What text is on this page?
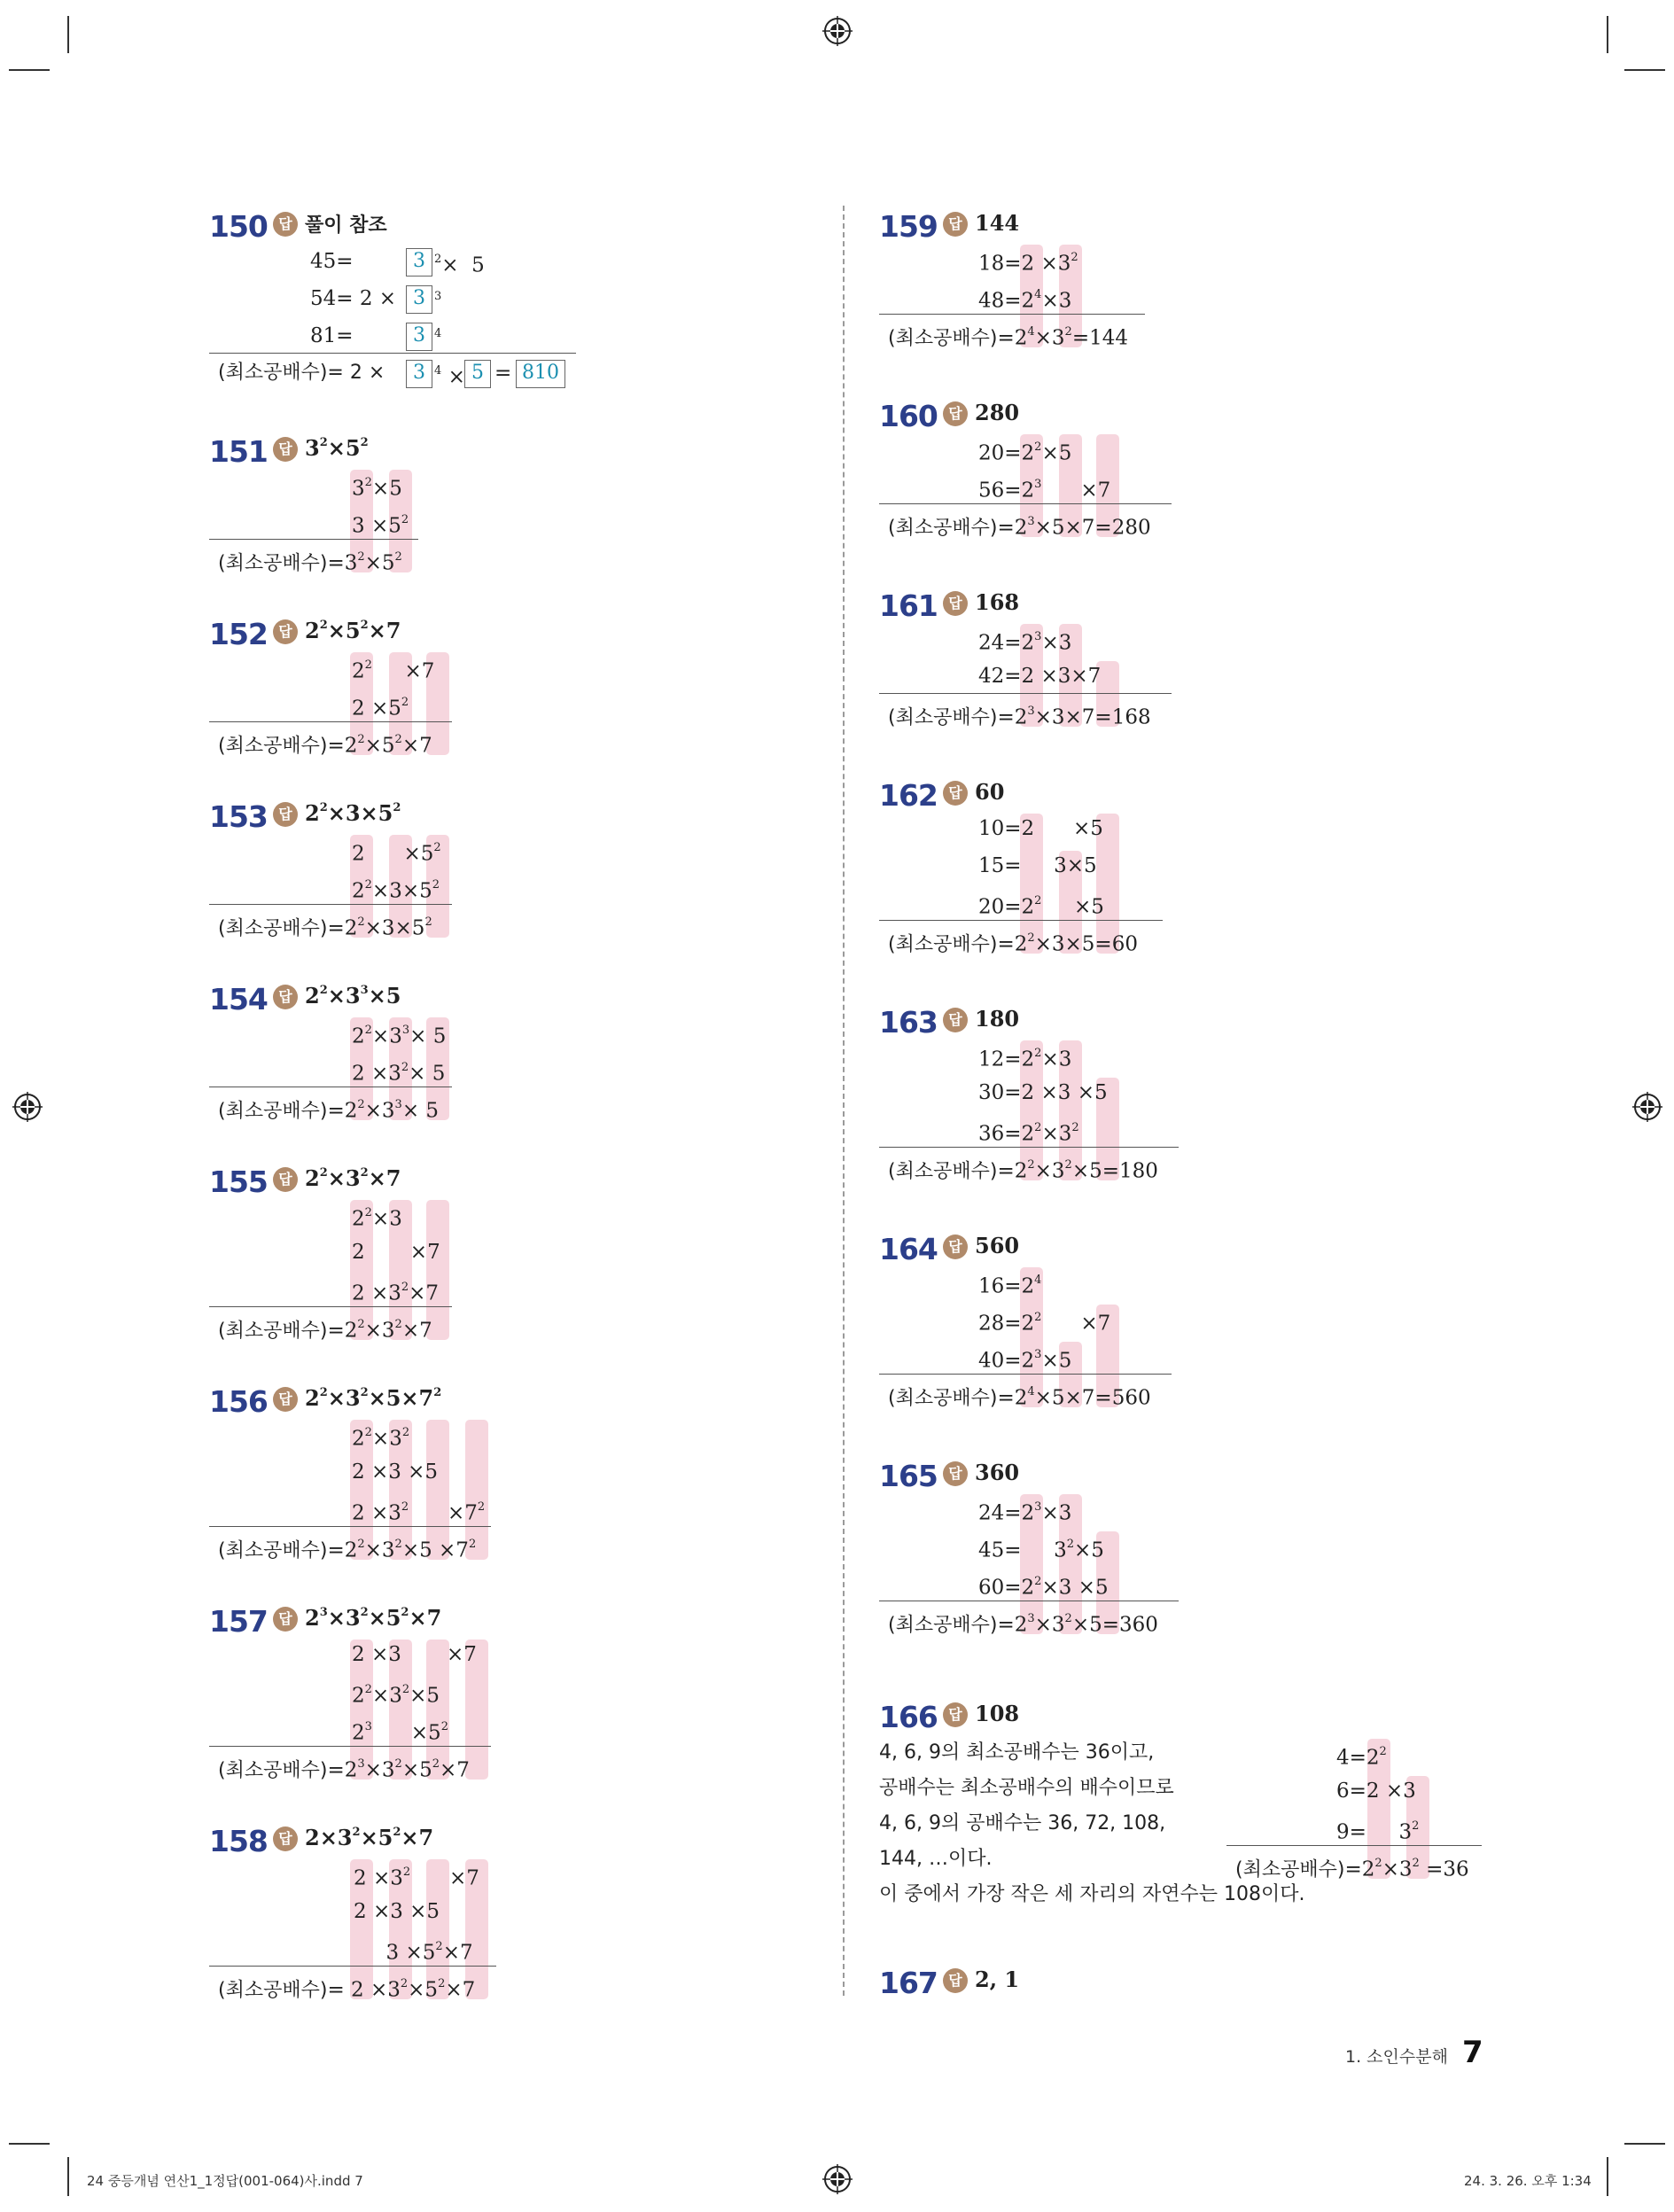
150 답 풀이 참조
45=	3 $^2$×  5
54= 2 × 3 $^3$
81=	3 $^4$
(최소공배수)= 2 ×	3 $^4$ × 5 = 810
151 답 $3^2\times 5^2$
$3^2\times 5$
$3 \times 5^2$
(최소공배수)$=3^2\times 5^2$
152 답 $2^2\times 5^2\times 7$
$2^2$     ×7
$2 \times 5^2$
(최소공배수)$=2^2\times 5^2\times 7$
153 답 $2^2\times 3\times 5^2$
2      $\times 5^2$
$2^2\times 3\times 5^2$
(최소공배수)$=2^2\times 3\times 5^2$
154 답 $2^2\times 3^3\times 5$
$2^2\times 3^3\times 5$
$2 \times 3^2\times 5$
(최소공배수)$=2^2\times 3^3\times 5$
155 답 $2^2\times 3^2\times 7$
$2^2\times 3$
2       ×7
$2 \times 3^2\times 7$
(최소공배수)$=2^2\times 3^2\times 7$
156 답 $2^2\times 3^2\times 5\times 7^2$
$2^2\times 3^2$
2 ×3 ×5
$2 \times 3^2$      $\times 7^2$
(최소공배수)$=2^2\times 3^2\times 5 \times 7^2$
157 답 $2^3\times 3^2\times 5^2\times 7$
2 ×3       ×7
$2^2\times 3^2\times 5$
$2^3$      $\times 5^2$
(최소공배수)$=2^3\times 3^2\times 5^2\times 7$
158 답 $2\times 3^2\times 5^2\times 7$
$2 \times 3^2$      ×7
2 ×3 ×5
$3 \times 5^2\times 7$
(최소공배수)= $2 \times 3^2\times 5^2\times 7$
159 답 144
$18=2 \times 3^2$
$48=2^4\times 3$
(최소공배수)$=2^4\times 3^2=144$
160 답 280
$20=2^2\times 5$
$56=2^3$      ×7
(최소공배수)$=2^3\times 5\times 7=280$
161 답 168
$24=2^3\times 3$
42=2 ×3×7
(최소공배수)$=2^3\times 3\times 7=168$
162 답 60
10=2      ×5
15=     3×5
$20=2^2$     ×5
(최소공배수)$=2^2\times 3\times 5=60$
163 답 180
$12=2^2\times 3$
30=2 ×3 ×5
$36=2^2\times 3^2$
(최소공배수)$=2^2\times 3^2\times 5=180$
164 답 560
$16=2^4$
$28=2^2$      ×7
$40=2^3\times 5$
(최소공배수)$=2^4\times 5\times 7=560$
165 답 360
$24=2^3\times 3$
45=     $3^2\times 5$
$60=2^2\times 3 \times 5$
(최소공배수)$=2^3\times 3^2\times 5=360$
166 답 108
4, 6, 9의 최소공배수는 36이고,
공배수는 최소공배수의 배수이므로
4, 6, 9의 공배수는 36, 72, 108,
144, …이다.
이 중에서 가장 작은 세 자리의 자연수는 108이다.
$4=2^2$
6=2 ×3
9=     $3^2$
(최소공배수)$=2^2\times 3^2 =36$
167 답 2, 1
1. 소인수분해 7
24 중등개념 연산1_1정답(001-064)사.indd 7	24. 3. 26. 오후 1:34
